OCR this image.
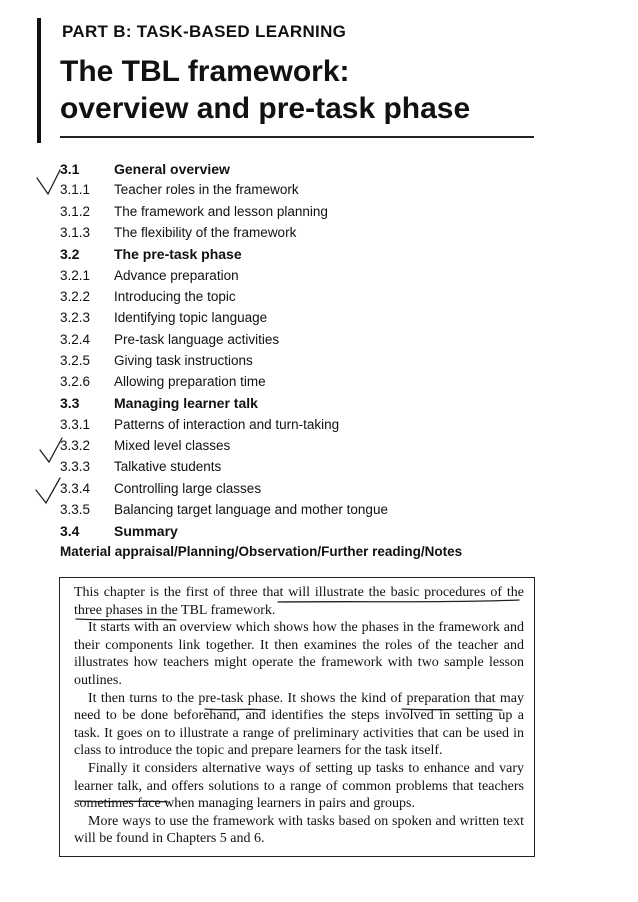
PART B: TASK-BASED LEARNING
The TBL framework:
overview and pre-task phase
3.1	General overview
3.1.1	Teacher roles in the framework
3.1.2	The framework and lesson planning
3.1.3	The flexibility of the framework
3.2	The pre-task phase
3.2.1	Advance preparation
3.2.2	Introducing the topic
3.2.3	Identifying topic language
3.2.4	Pre-task language activities
3.2.5	Giving task instructions
3.2.6	Allowing preparation time
3.3	Managing learner talk
3.3.1	Patterns of interaction and turn-taking
3.3.2	Mixed level classes
3.3.3	Talkative students
3.3.4	Controlling large classes
3.3.5	Balancing target language and mother tongue
3.4	Summary
Material appraisal/Planning/Observation/Further reading/Notes

This chapter is the first of three that will illustrate the basic procedures of the three phases in the TBL framework.

It starts with an overview which shows how the phases in the framework and their components link together. It then examines the roles of the teacher and illustrates how teachers might operate the framework with two sample lesson outlines.

It then turns to the pre-task phase. It shows the kind of preparation that may need to be done beforehand, and identifies the steps involved in setting up a task. It goes on to illustrate a range of preliminary activities that can be used in class to introduce the topic and prepare learners for the task itself.

Finally it considers alternative ways of setting up tasks to enhance and vary learner talk, and offers solutions to a range of common problems that teachers sometimes face when managing learners in pairs and groups.

More ways to use the framework with tasks based on spoken and written text will be found in Chapters 5 and 6.
